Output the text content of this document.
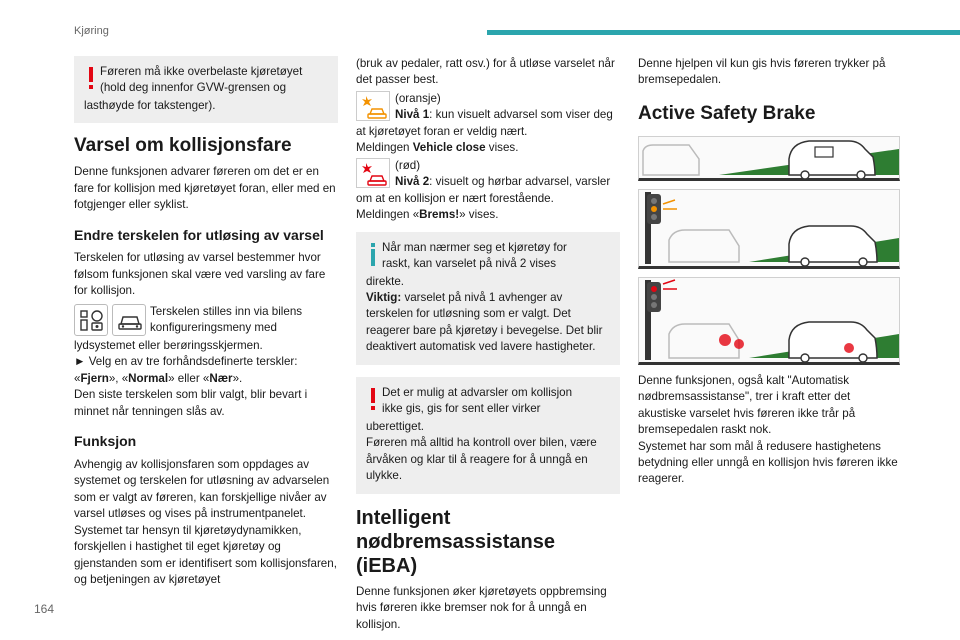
Kjøring
Føreren må ikke overbelaste kjøretøyet
(hold deg innenfor GVW-grensen og
lasthøyde for takstenger).
Varsel om kollisjonsfare

Denne funksjonen advarer føreren om det er en fare for kollisjon med kjøretøyet foran, eller med en fotgjenger eller syklist.

Endre terskelen for utløsing av varsel

Terskelen for utløsing av varsel bestemmer hvor følsom funksjonen skal være ved varsling av fare for kollisjon.

Terskelen stilles inn via bilens
konfigureringsmeny med
lydsystemet eller berøringsskjermen.

► Velg en av tre forhåndsdefinerte terskler:

«Fjern», «Normal» eller «Nær».

Den siste terskelen som blir valgt, blir bevart i minnet når tenningen slås av.

Funksjon

Avhengig av kollisjonsfaren som oppdages av systemet og terskelen for utløsning av advarselen som er valgt av føreren, kan forskjellige nivåer av varsel utløses og vises på instrumentpanelet.

Systemet tar hensyn til kjøretøydynamikken, forskjellen i hastighet til eget kjøretøy og gjenstanden som er identifisert som kollisjonsfaren, og betjeningen av kjøretøyet

(bruk av pedaler, ratt osv.) for å utløse varselet når det passer best.

(oransje)
Nivå 1: kun visuelt advarsel som viser deg at kjøretøyet foran er veldig nært.
Meldingen Vehicle close vises.
(rød)
Nivå 2: visuelt og hørbar advarsel, varsler om at en kollisjon er nært forestående.
Meldingen «Brems!» vises.
Når man nærmer seg et kjøretøy for
raskt, kan varselet på nivå 2 vises
direkte.
Viktig: varselet på nivå 1 avhenger av terskelen for utløsning som er valgt. Det reagerer bare på kjøretøy i bevegelse. Det blir deaktivert automatisk ved lavere hastigheter.
Det er mulig at advarsler om kollisjon
ikke gis, gis for sent eller virker
uberettiget.
Føreren må alltid ha kontroll over bilen, være årvåken og klar til å reagere for å unngå en ulykke.
Intelligent
nødbremsassistanse (iEBA)

Denne funksjonen øker kjøretøyets oppbremsing hvis føreren ikke bremser nok for å unngå en kollisjon.

Denne hjelpen vil kun gis hvis føreren trykker på bremsepedalen.

Active Safety Brake

Denne funksjonen, også kalt "Automatisk nødbremsassistanse", trer i kraft etter det akustiske varselet hvis føreren ikke trår på bremsepedalen raskt nok.

Systemet har som mål å redusere hastighetens betydning eller unngå en kollisjon hvis føreren ikke reagerer.

164
